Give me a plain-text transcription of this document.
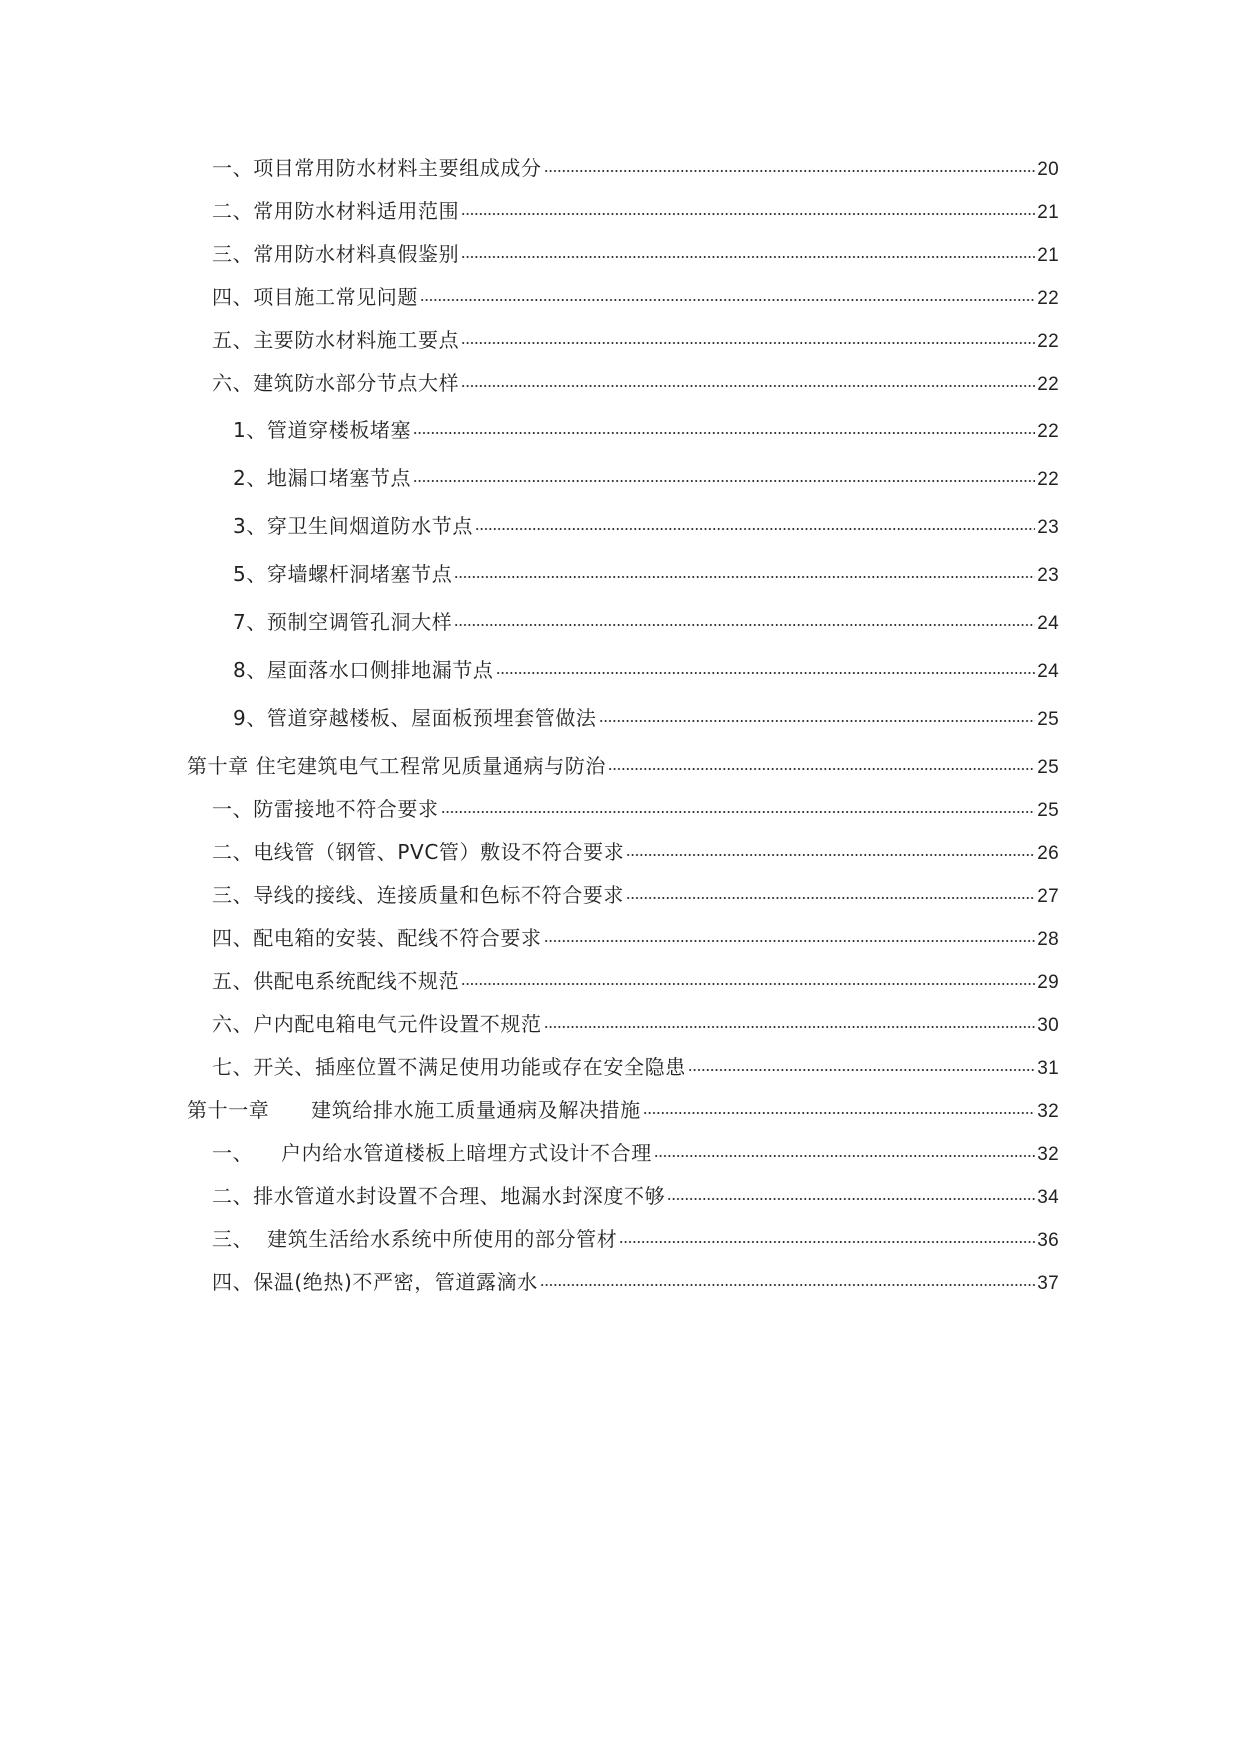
一、项目常用防水材料主要组成成分	20
二、常用防水材料适用范围	21
三、常用防水材料真假鉴别	21
四、项目施工常见问题	22
五、主要防水材料施工要点	22
六、建筑防水部分节点大样	22
1、管道穿楼板堵塞	22
2、地漏口堵塞节点	22
3、穿卫生间烟道防水节点	23
5、穿墙螺杆洞堵塞节点	23
7、预制空调管孔洞大样	24
8、屋面落水口侧排地漏节点	24
9、管道穿越楼板、屋面板预埋套管做法	25
第十章 住宅建筑电气工程常见质量通病与防治	25
一、防雷接地不符合要求	25
二、电线管（钢管、PVC管）敷设不符合要求	26
三、导线的接线、连接质量和色标不符合要求	27
四、配电箱的安装、配线不符合要求	28
五、供配电系统配线不规范	29
六、户内配电箱电气元件设置不规范	30
七、开关、插座位置不满足使用功能或存在安全隐患	31
第十一章      建筑给排水施工质量通病及解决措施	32
一、    户内给水管道楼板上暗埋方式设计不合理	32
二、排水管道水封设置不合理、地漏水封深度不够	34
三、  建筑生活给水系统中所使用的部分管材	36
四、保温(绝热)不严密，管道露滴水	37
